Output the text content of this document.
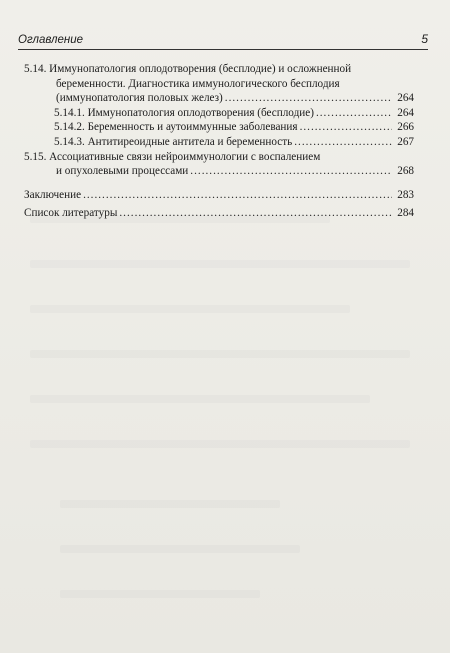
Оглавление	5
5.14. Иммунопатология оплодотворения (бесплодие) и осложненной
беременности. Диагностика иммунологического бесплодия
(иммунопатология половых желез) .....	264
5.14.1. Иммунопатология оплодотворения (бесплодие) .....	264
5.14.2. Беременность и аутоиммунные заболевания .....	266
5.14.3. Антитиреоидные антитела и беременность .....	267
5.15. Ассоциативные связи нейроиммунологии с воспалением
и опухолевыми процессами .....	268
Заключение .....	283
Список литературы .....	284
